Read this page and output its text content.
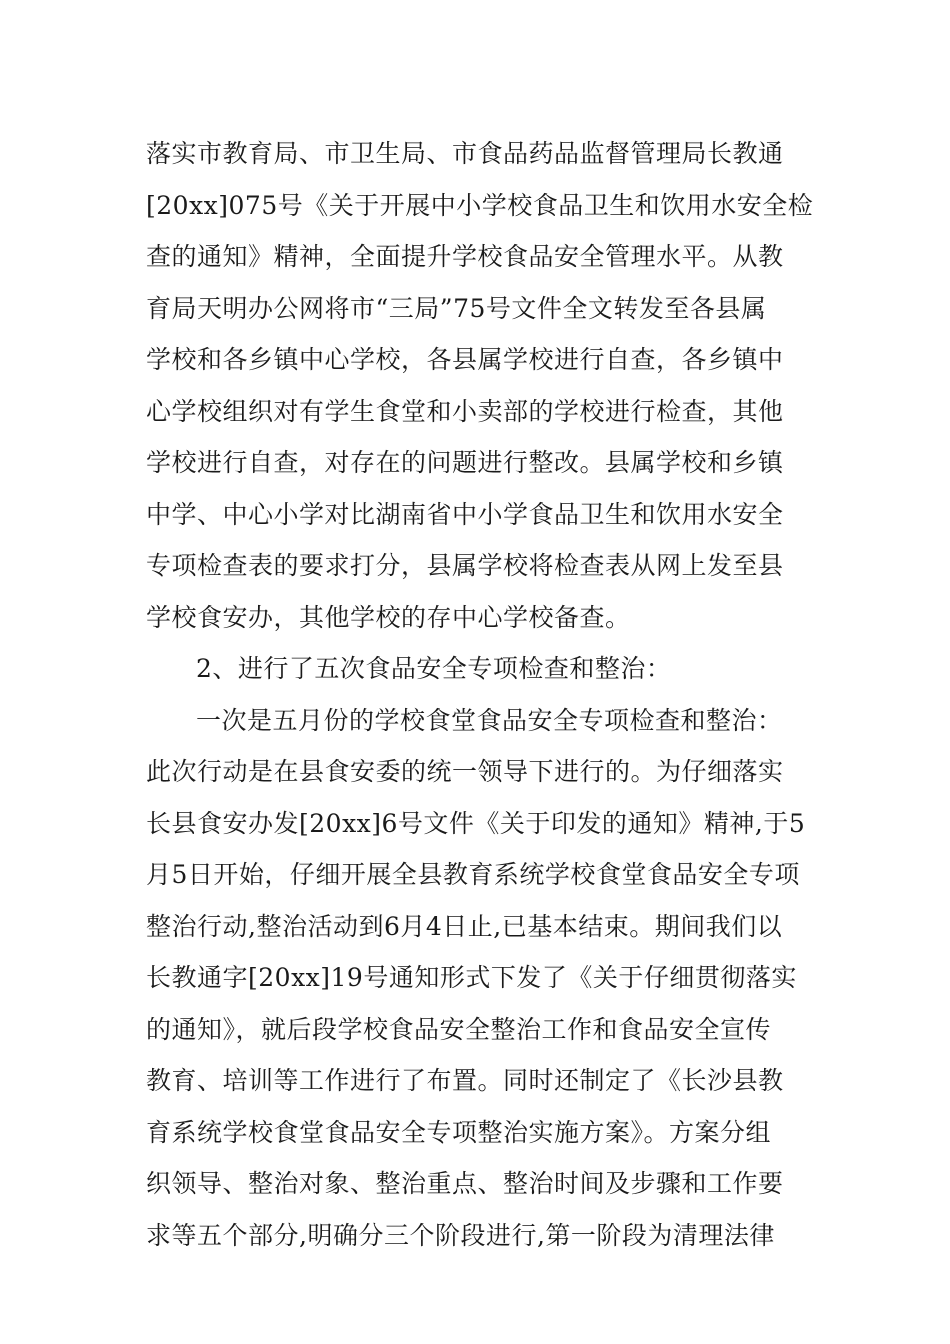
落实市教育局、市卫生局、市食品药品监督管理局长教通
[20xx]075号《关于开展中小学校食品卫生和饮用水安全检
查的通知》精神，全面提升学校食品安全管理水平。从教
育局天明办公网将市“三局”75号文件全文转发至各县属
学校和各乡镇中心学校，各县属学校进行自查，各乡镇中
心学校组织对有学生食堂和小卖部的学校进行检查，其他
学校进行自查，对存在的问题进行整改。县属学校和乡镇
中学、中心小学对比湖南省中小学食品卫生和饮用水安全
专项检查表的要求打分，县属学校将检查表从网上发至县
学校食安办，其他学校的存中心学校备查。
2、进行了五次食品安全专项检查和整治：
一次是五月份的学校食堂食品安全专项检查和整治：
此次行动是在县食安委的统一领导下进行的。为仔细落实
长县食安办发[20xx]6号文件《关于印发的通知》精神,于5
月5日开始，仔细开展全县教育系统学校食堂食品安全专项
整治行动,整治活动到6月4日止,已基本结束。期间我们以
长教通字[20xx]19号通知形式下发了《关于仔细贯彻落实
的通知》，就后段学校食品安全整治工作和食品安全宣传
教育、培训等工作进行了布置。同时还制定了《长沙县教
育系统学校食堂食品安全专项整治实施方案》。方案分组
织领导、整治对象、整治重点、整治时间及步骤和工作要
求等五个部分,明确分三个阶段进行,第一阶段为清理法律
